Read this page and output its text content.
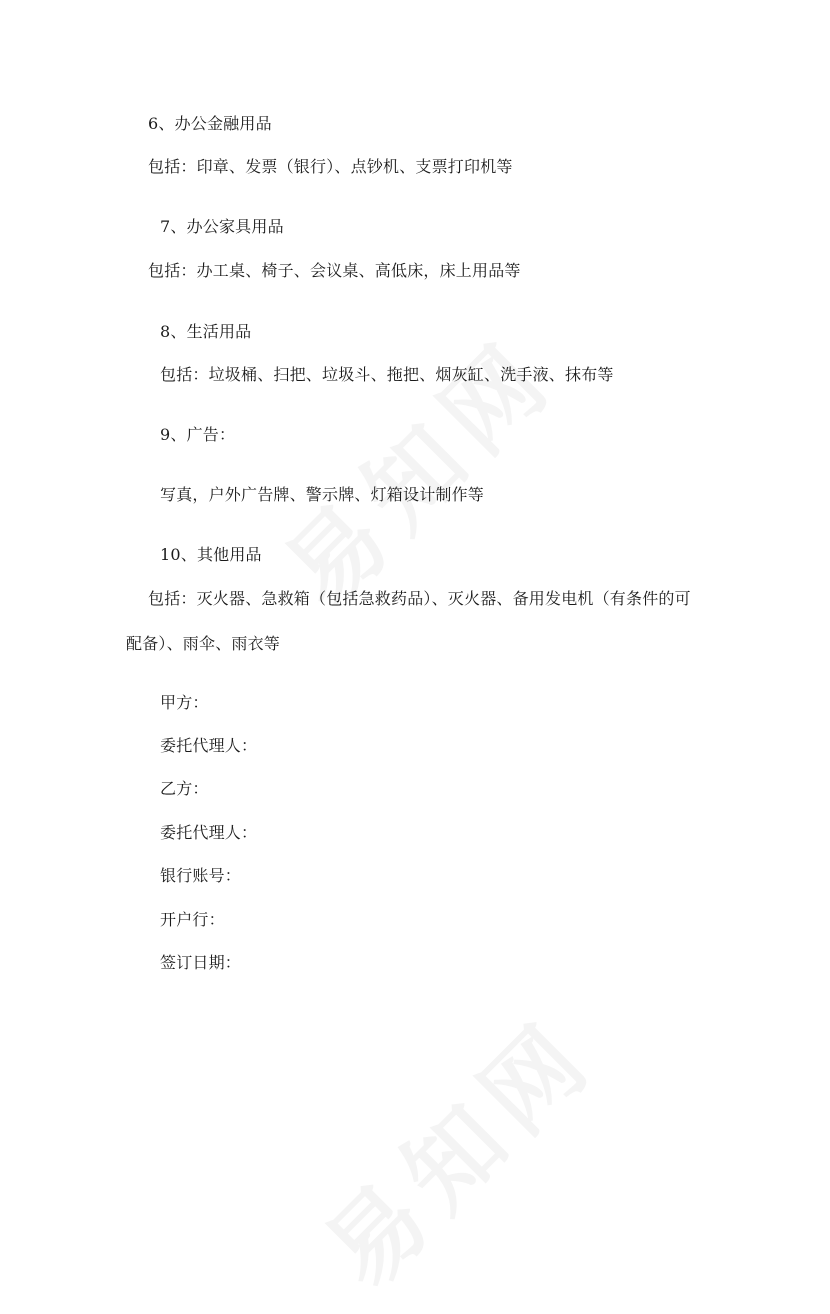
6、办公金融用品
包括：印章、发票（银行）、点钞机、支票打印机等
7、办公家具用品
包括：办工桌、椅子、会议桌、高低床，床上用品等
8、生活用品
包括：垃圾桶、扫把、垃圾斗、拖把、烟灰缸、洗手液、抹布等
9、广告：
写真，户外广告牌、警示牌、灯箱设计制作等
10、其他用品
包括：灭火器、急救箱（包括急救药品）、灭火器、备用发电机（有条件的可
配备）、雨伞、雨衣等
甲方：
委托代理人：
乙方：
委托代理人：
银行账号：
开户行：
签订日期：
